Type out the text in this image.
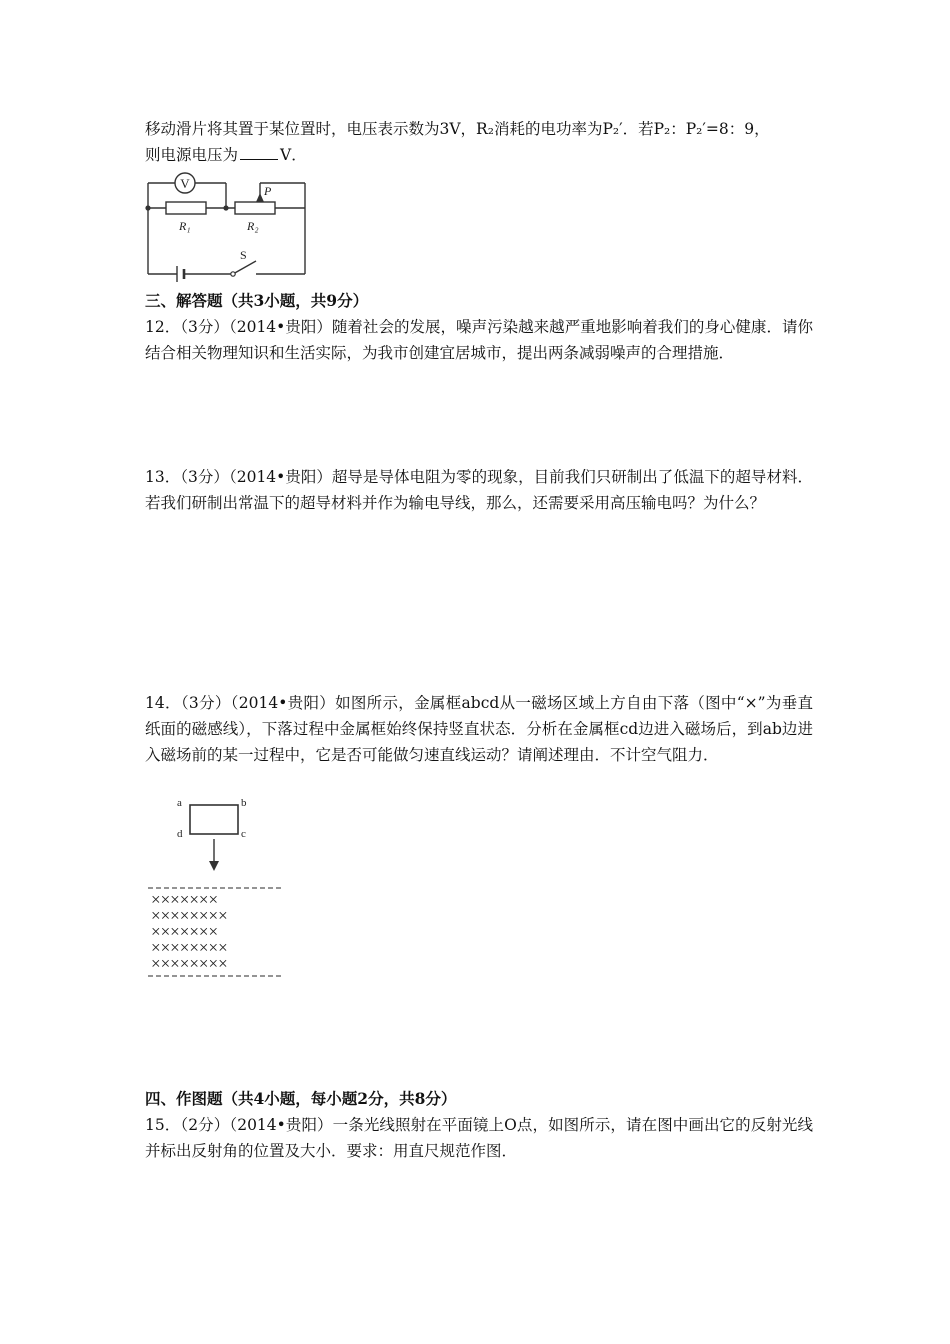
移动滑片将其置于某位置时，电压表示数为3V，R₂消耗的电功率为P₂′．若P₂：P₂′=8：9，
则电源电压为	V．

V
R₁	R₂
P
S

三、解答题（共3小题，共9分）

12．（3分）（2014•贵阳）随着社会的发展，噪声污染越来越严重地影响着我们的身心健康．请你结合相关物理知识和生活实际，为我市创建宜居城市，提出两条减弱噪声的合理措施．

13．（3分）（2014•贵阳）超导是导体电阻为零的现象，目前我们只研制出了低温下的超导材料．若我们研制出常温下的超导材料并作为输电导线，那么，还需要采用高压输电吗？为什么？

14．（3分）（2014•贵阳）如图所示，金属框abcd从一磁场区域上方自由下落（图中“×”为垂直纸面的磁感线），下落过程中金属框始终保持竖直状态．分析在金属框cd边进入磁场后，到ab边进入磁场前的某一过程中，它是否可能做匀速直线运动？请阐述理由．不计空气阻力．

a	b
c
d
×××××××
××××××××
×××××××
××××××××
××××××××

四、作图题（共4小题，每小题2分，共8分）

15．（2分）（2014•贵阳）一条光线照射在平面镜上O点，如图所示，请在图中画出它的反射光线并标出反射角的位置及大小．要求：用直尺规范作图．
